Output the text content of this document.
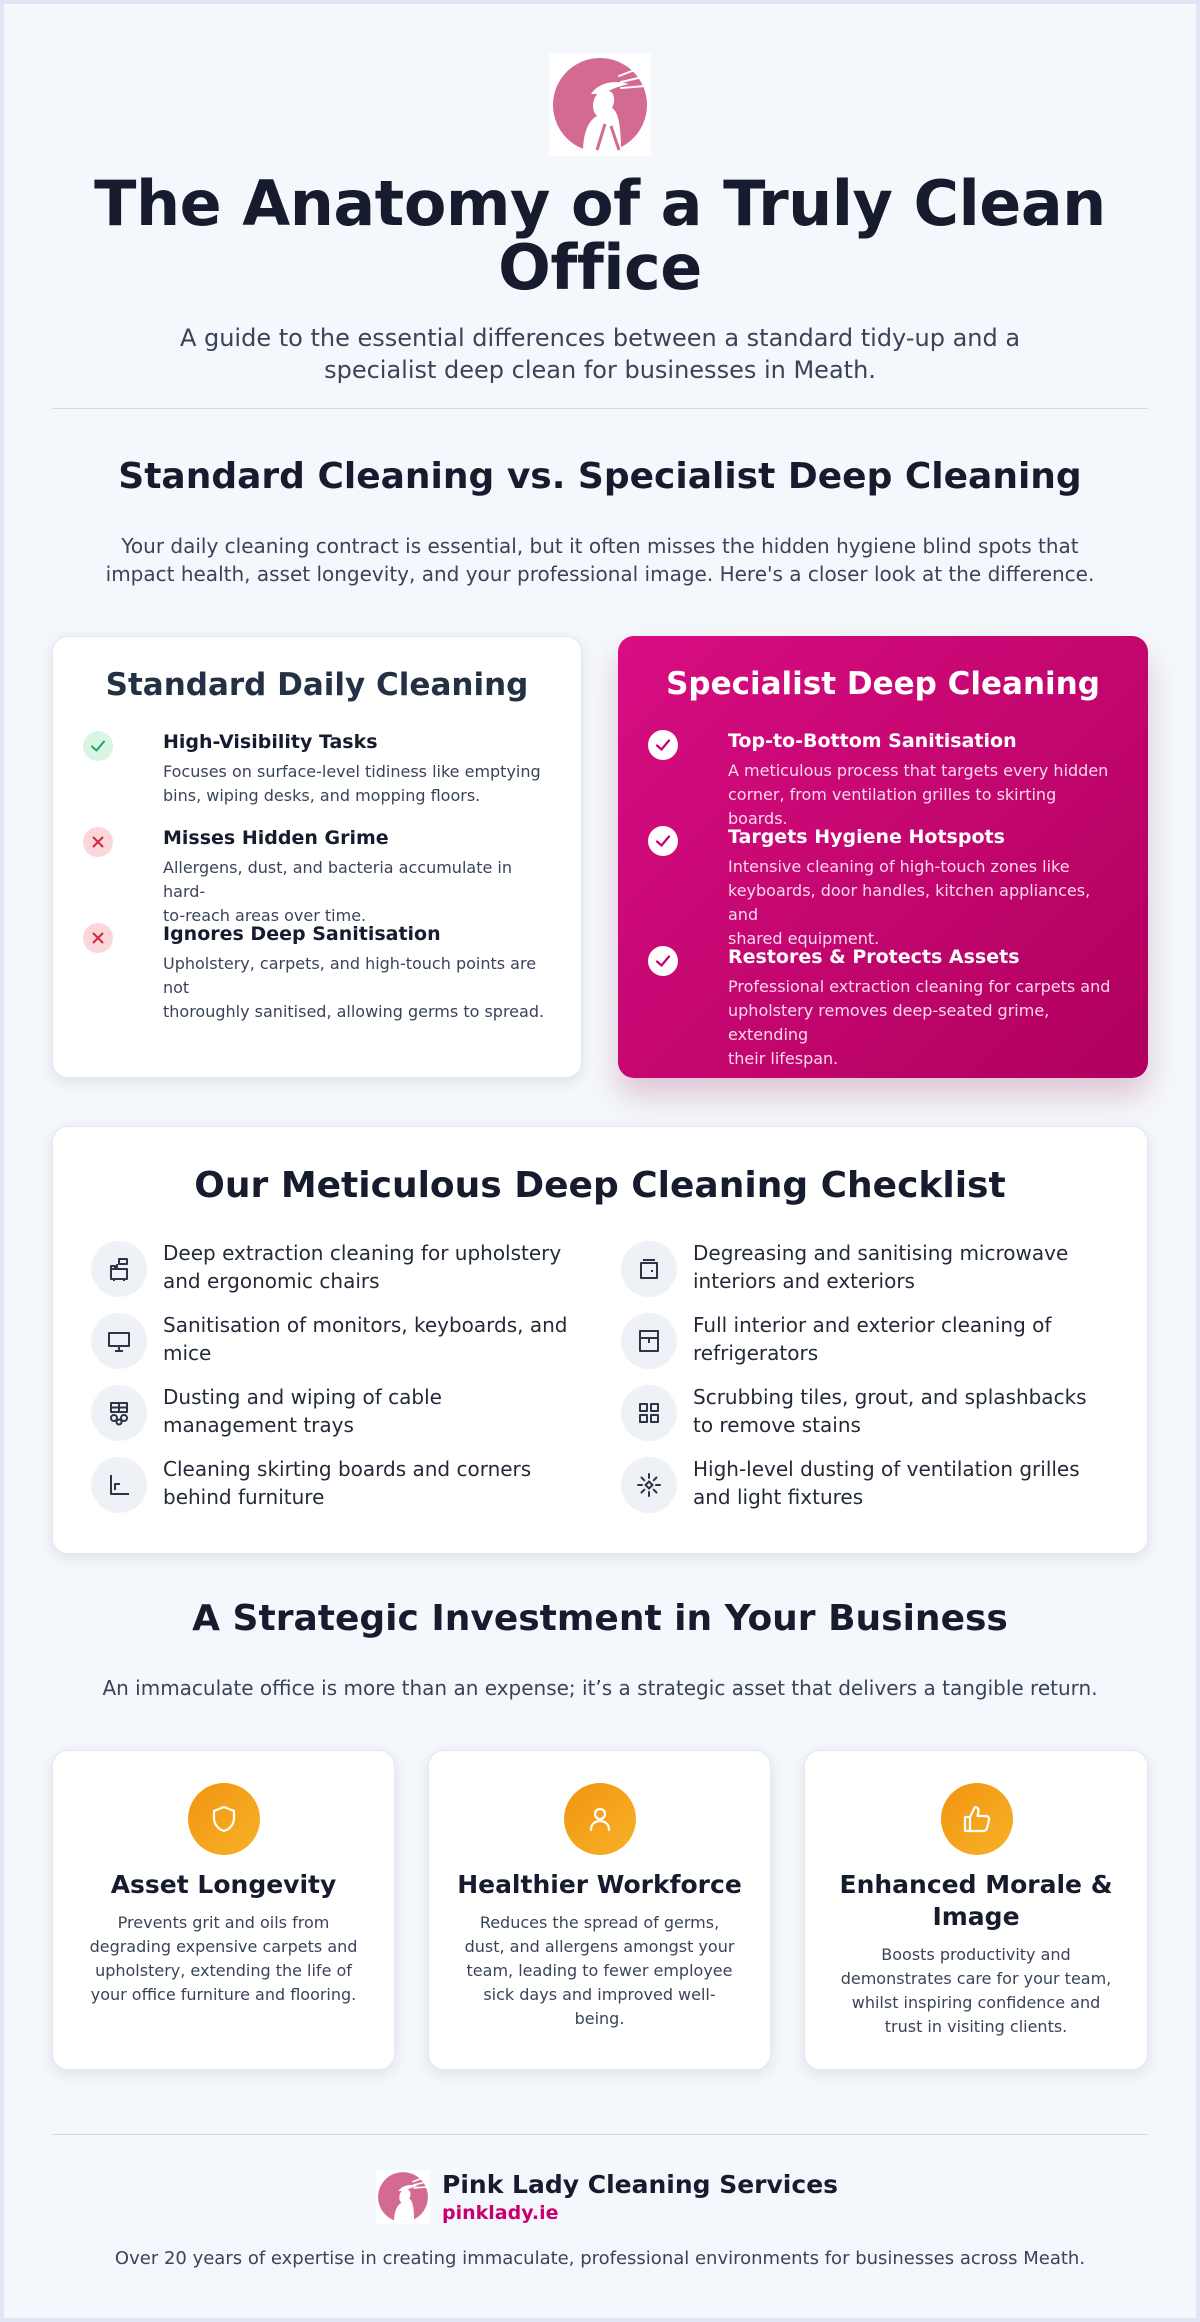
The Anatomy of a Truly Clean
Office
A guide to the essential differences between a standard tidy-up and a
specialist deep clean for businesses in Meath.
Standard Cleaning vs. Specialist Deep Cleaning
Your daily cleaning contract is essential, but it often misses the hidden hygiene blind spots that
impact health, asset longevity, and your professional image. Here's a closer look at the difference.
Standard Daily Cleaning
High-Visibility Tasks
Focuses on surface-level tidiness like emptying
bins, wiping desks, and mopping floors.
Misses Hidden Grime
Allergens, dust, and bacteria accumulate in hard-
to-reach areas over time.
Ignores Deep Sanitisation
Upholstery, carpets, and high-touch points are not
thoroughly sanitised, allowing germs to spread.
Specialist Deep Cleaning
Top-to-Bottom Sanitisation
A meticulous process that targets every hidden
corner, from ventilation grilles to skirting boards.
Targets Hygiene Hotspots
Intensive cleaning of high-touch zones like
keyboards, door handles, kitchen appliances, and
shared equipment.
Restores & Protects Assets
Professional extraction cleaning for carpets and
upholstery removes deep-seated grime, extending
their lifespan.
Our Meticulous Deep Cleaning Checklist
Deep extraction cleaning for upholstery
and ergonomic chairs
Degreasing and sanitising microwave
interiors and exteriors
Sanitisation of monitors, keyboards, and
mice
Full interior and exterior cleaning of
refrigerators
Dusting and wiping of cable
management trays
Scrubbing tiles, grout, and splashbacks
to remove stains
Cleaning skirting boards and corners
behind furniture
High-level dusting of ventilation grilles
and light fixtures
A Strategic Investment in Your Business
An immaculate office is more than an expense; it’s a strategic asset that delivers a tangible return.
Asset Longevity
Prevents grit and oils from
degrading expensive carpets and
upholstery, extending the life of
your office furniture and flooring.
Healthier Workforce
Reduces the spread of germs,
dust, and allergens amongst your
team, leading to fewer employee
sick days and improved well-
being.
Enhanced Morale &
Image
Boosts productivity and
demonstrates care for your team,
whilst inspiring confidence and
trust in visiting clients.
Pink Lady Cleaning Services
pinklady.ie
Over 20 years of expertise in creating immaculate, professional environments for businesses across Meath.
